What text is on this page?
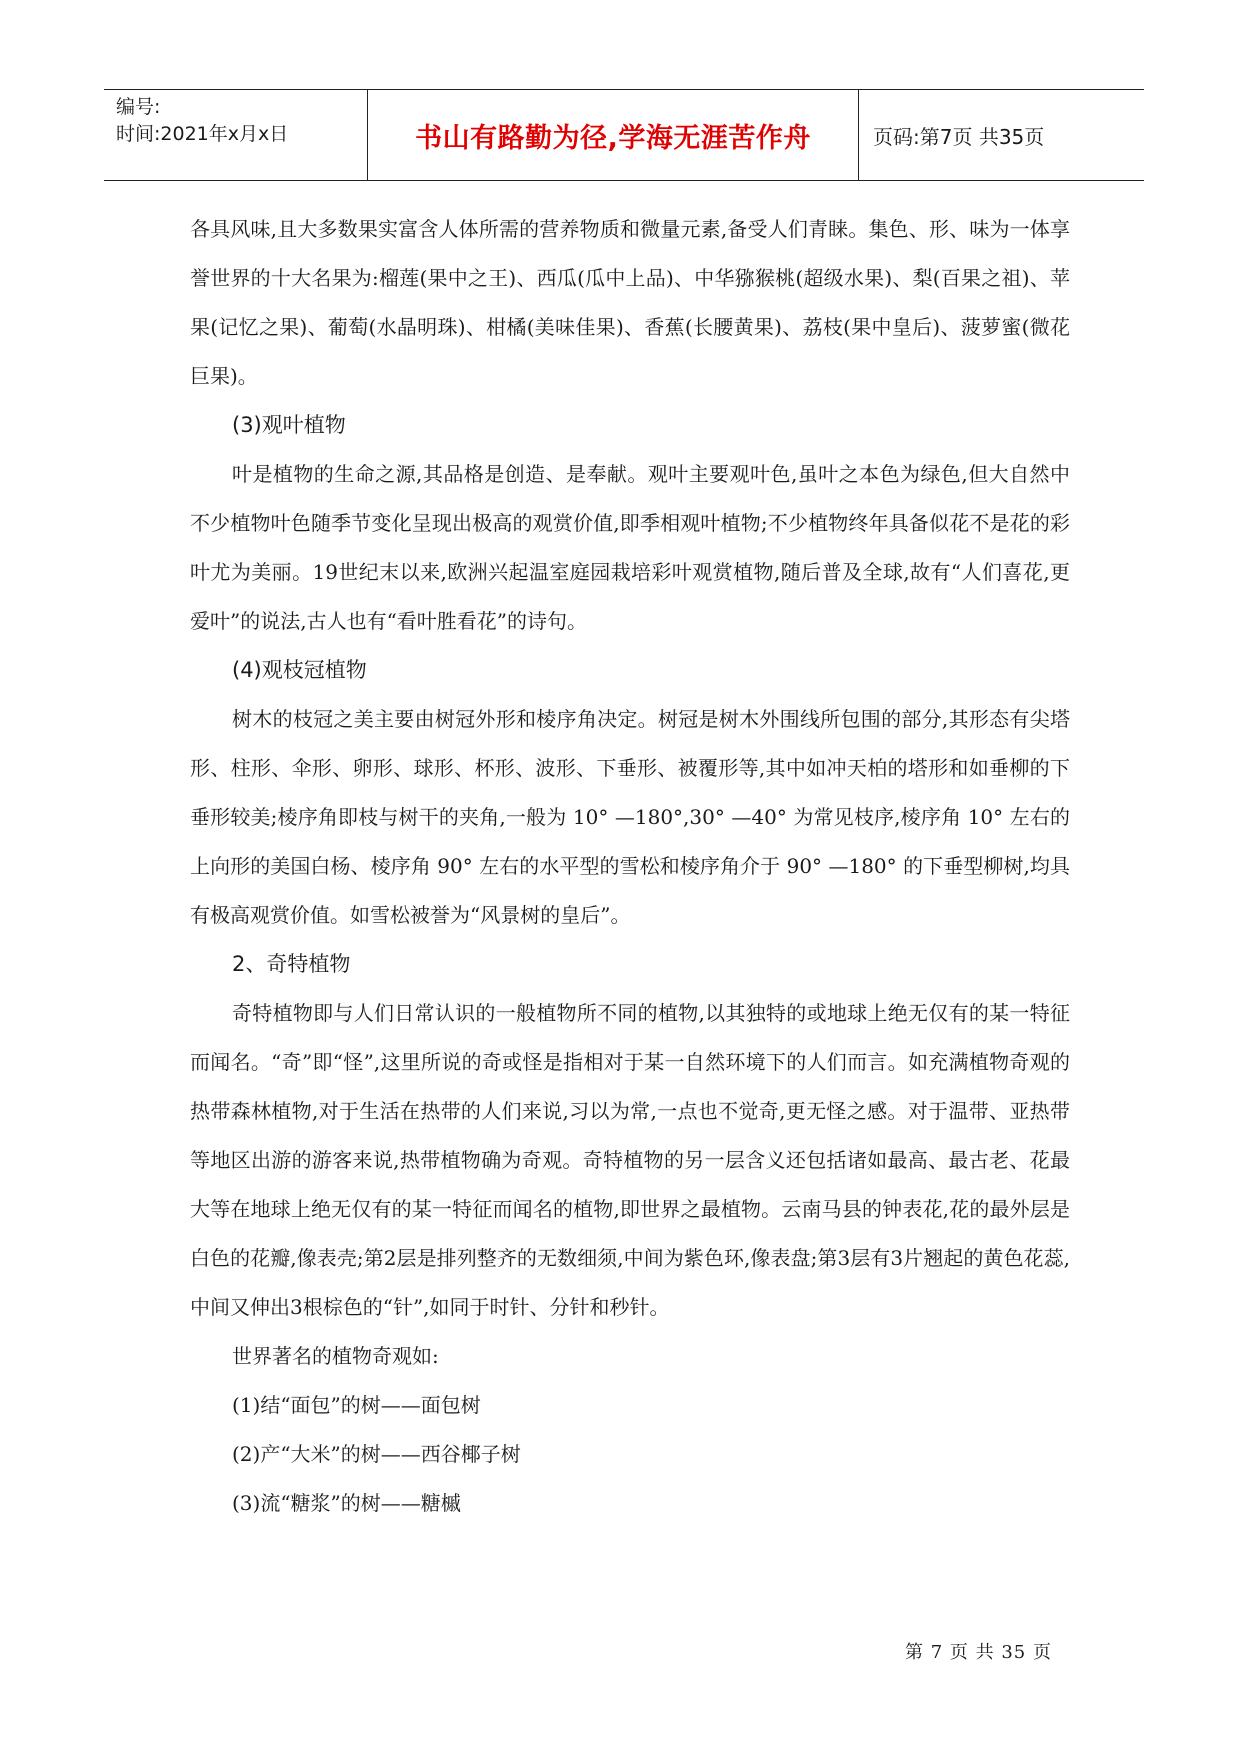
编号:
时间:2021年x月x日	书山有路勤为径,学海无涯苦作舟	页码:第7页 共35页

各具风味,且大多数果实富含人体所需的营养物质和微量元素,备受人们青睐。集色、形、味为一体享誉世界的十大名果为:榴莲(果中之王)、西瓜(瓜中上品)、中华猕猴桃(超级水果)、梨(百果之祖)、苹果(记忆之果)、葡萄(水晶明珠)、柑橘(美味佳果)、香蕉(长腰黄果)、荔枝(果中皇后)、菠萝蜜(微花巨果)。

(3)观叶植物

叶是植物的生命之源,其品格是创造、是奉献。观叶主要观叶色,虽叶之本色为绿色,但大自然中不少植物叶色随季节变化呈现出极高的观赏价值,即季相观叶植物;不少植物终年具备似花不是花的彩叶尤为美丽。19世纪末以来,欧洲兴起温室庭园栽培彩叶观赏植物,随后普及全球,故有“人们喜花,更爱叶”的说法,古人也有“看叶胜看花”的诗句。

(4)观枝冠植物

树木的枝冠之美主要由树冠外形和棱序角决定。树冠是树木外围线所包围的部分,其形态有尖塔形、柱形、伞形、卵形、球形、杯形、波形、下垂形、被覆形等,其中如冲天柏的塔形和如垂柳的下垂形较美;棱序角即枝与树干的夹角,一般为 10° —180°,30° —40° 为常见枝序,棱序角 10° 左右的上向形的美国白杨、棱序角 90° 左右的水平型的雪松和棱序角介于 90° —180° 的下垂型柳树,均具有极高观赏价值。如雪松被誉为“风景树的皇后”。

2、奇特植物

奇特植物即与人们日常认识的一般植物所不同的植物,以其独特的或地球上绝无仅有的某一特征而闻名。“奇”即“怪”,这里所说的奇或怪是指相对于某一自然环境下的人们而言。如充满植物奇观的热带森林植物,对于生活在热带的人们来说,习以为常,一点也不觉奇,更无怪之感。对于温带、亚热带等地区出游的游客来说,热带植物确为奇观。奇特植物的另一层含义还包括诸如最高、最古老、花最大等在地球上绝无仅有的某一特征而闻名的植物,即世界之最植物。云南马县的钟表花,花的最外层是白色的花瓣,像表壳;第2层是排列整齐的无数细须,中间为紫色环,像表盘;第3层有3片翘起的黄色花蕊,中间又伸出3根棕色的“针”,如同于时针、分针和秒针。

世界著名的植物奇观如:

(1)结“面包”的树——面包树

(2)产“大米”的树——西谷椰子树

(3)流“糖浆”的树——糖槭

第 7 页 共 35 页
